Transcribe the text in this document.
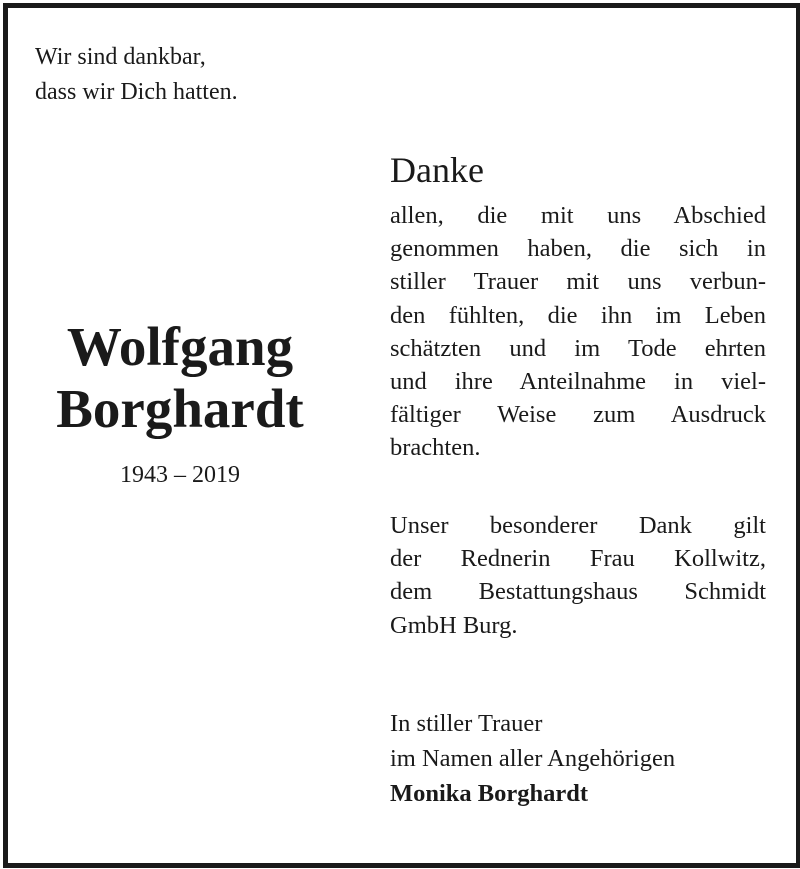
Wir sind dankbar,
dass wir Dich hatten.
Wolfgang
Borghardt
1943 – 2019
Danke
allen, die mit uns Abschied
genommen haben, die sich in
stiller Trauer mit uns verbun-
den fühlten, die ihn im Leben
schätzten und im Tode ehrten
und ihre Anteilnahme in viel-
fältiger Weise zum Ausdruck
brachten.
Unser besonderer Dank gilt
der Rednerin Frau Kollwitz,
dem Bestattungshaus Schmidt
GmbH Burg.
In stiller Trauer
im Namen aller Angehörigen
Monika Borghardt
